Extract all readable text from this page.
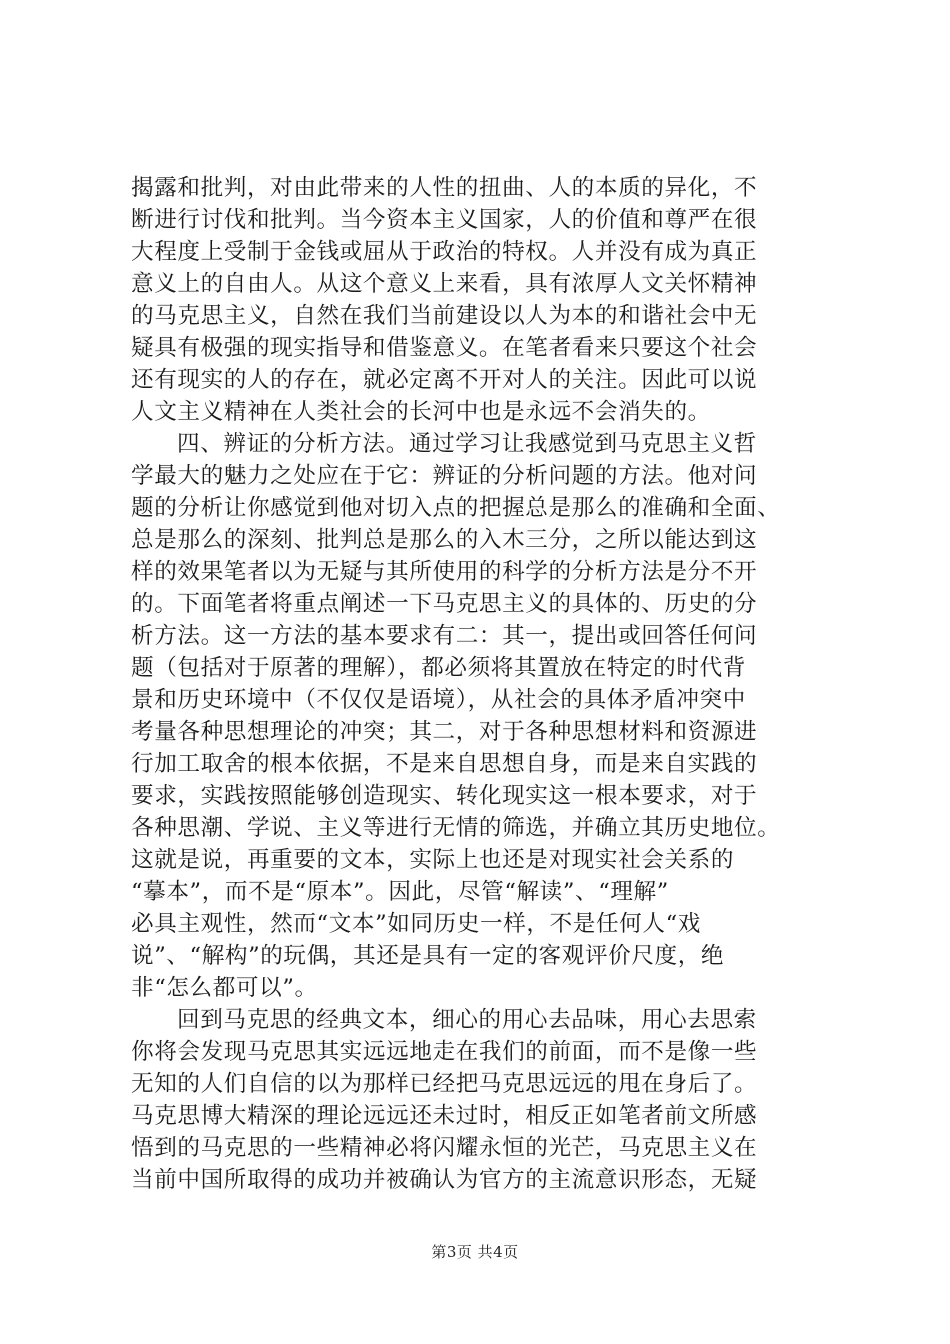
揭露和批判，对由此带来的人性的扭曲、人的本质的异化，不
断进行讨伐和批判。当今资本主义国家，人的价值和尊严在很
大程度上受制于金钱或屈从于政治的特权。人并没有成为真正
意义上的自由人。从这个意义上来看，具有浓厚人文关怀精神
的马克思主义，自然在我们当前建设以人为本的和谐社会中无
疑具有极强的现实指导和借鉴意义。在笔者看来只要这个社会
还有现实的人的存在，就必定离不开对人的关注。因此可以说
人文主义精神在人类社会的长河中也是永远不会消失的。
四、辨证的分析方法。通过学习让我感觉到马克思主义哲
学最大的魅力之处应在于它：辨证的分析问题的方法。他对问
题的分析让你感觉到他对切入点的把握总是那么的准确和全面、
总是那么的深刻、批判总是那么的入木三分，之所以能达到这
样的效果笔者以为无疑与其所使用的科学的分析方法是分不开
的。下面笔者将重点阐述一下马克思主义的具体的、历史的分
析方法。这一方法的基本要求有二：其一，提出或回答任何问
题（包括对于原著的理解），都必须将其置放在特定的时代背
景和历史环境中（不仅仅是语境），从社会的具体矛盾冲突中
考量各种思想理论的冲突；其二，对于各种思想材料和资源进
行加工取舍的根本依据，不是来自思想自身，而是来自实践的
要求，实践按照能够创造现实、转化现实这一根本要求，对于
各种思潮、学说、主义等进行无情的筛选，并确立其历史地位。
这就是说，再重要的文本，实际上也还是对现实社会关系的
“摹本”，而不是“原本”。因此，尽管“解读”、“理解”
必具主观性，然而“文本”如同历史一样，不是任何人“戏
说”、“解构”的玩偶，其还是具有一定的客观评价尺度，绝
非“怎么都可以”。
回到马克思的经典文本，细心的用心去品味，用心去思索
你将会发现马克思其实远远地走在我们的前面，而不是像一些
无知的人们自信的以为那样已经把马克思远远的甩在身后了。
马克思博大精深的理论远远还未过时，相反正如笔者前文所感
悟到的马克思的一些精神必将闪耀永恒的光芒，马克思主义在
当前中国所取得的成功并被确认为官方的主流意识形态，无疑
第3页 共4页
